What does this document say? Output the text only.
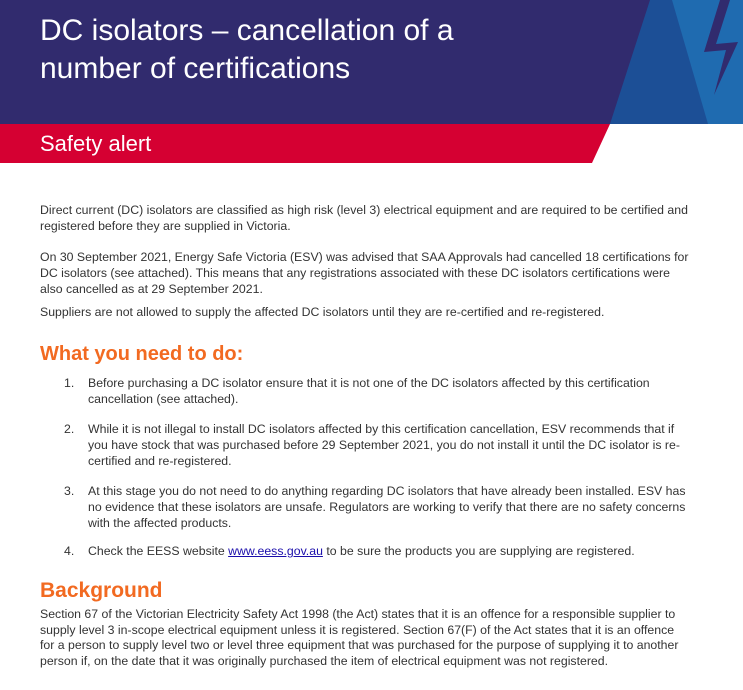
DC isolators – cancellation of a number of certifications
Safety alert
Direct current (DC) isolators are classified as high risk (level 3) electrical equipment and are required to be certified and registered before they are supplied in Victoria.
On 30 September 2021, Energy Safe Victoria (ESV) was advised that SAA Approvals had cancelled 18 certifications for DC isolators (see attached). This means that any registrations associated with these DC isolators certifications were also cancelled as at 29 September 2021.
Suppliers are not allowed to supply the affected DC isolators until they are re-certified and re-registered.
What you need to do:
1. Before purchasing a DC isolator ensure that it is not one of the DC isolators affected by this certification cancellation (see attached).
2. While it is not illegal to install DC isolators affected by this certification cancellation, ESV recommends that if you have stock that was purchased before 29 September 2021, you do not install it until the DC isolator is re-certified and re-registered.
3. At this stage you do not need to do anything regarding DC isolators that have already been installed. ESV has no evidence that these isolators are unsafe. Regulators are working to verify that there are no safety concerns with the affected products.
4. Check the EESS website www.eess.gov.au to be sure the products you are supplying are registered.
Background
Section 67 of the Victorian Electricity Safety Act 1998 (the Act) states that it is an offence for a responsible supplier to supply level 3 in-scope electrical equipment unless it is registered. Section 67(F) of the Act states that it is an offence for a person to supply level two or level three equipment that was purchased for the purpose of supplying it to another person if, on the date that it was originally purchased the item of electrical equipment was not registered.
